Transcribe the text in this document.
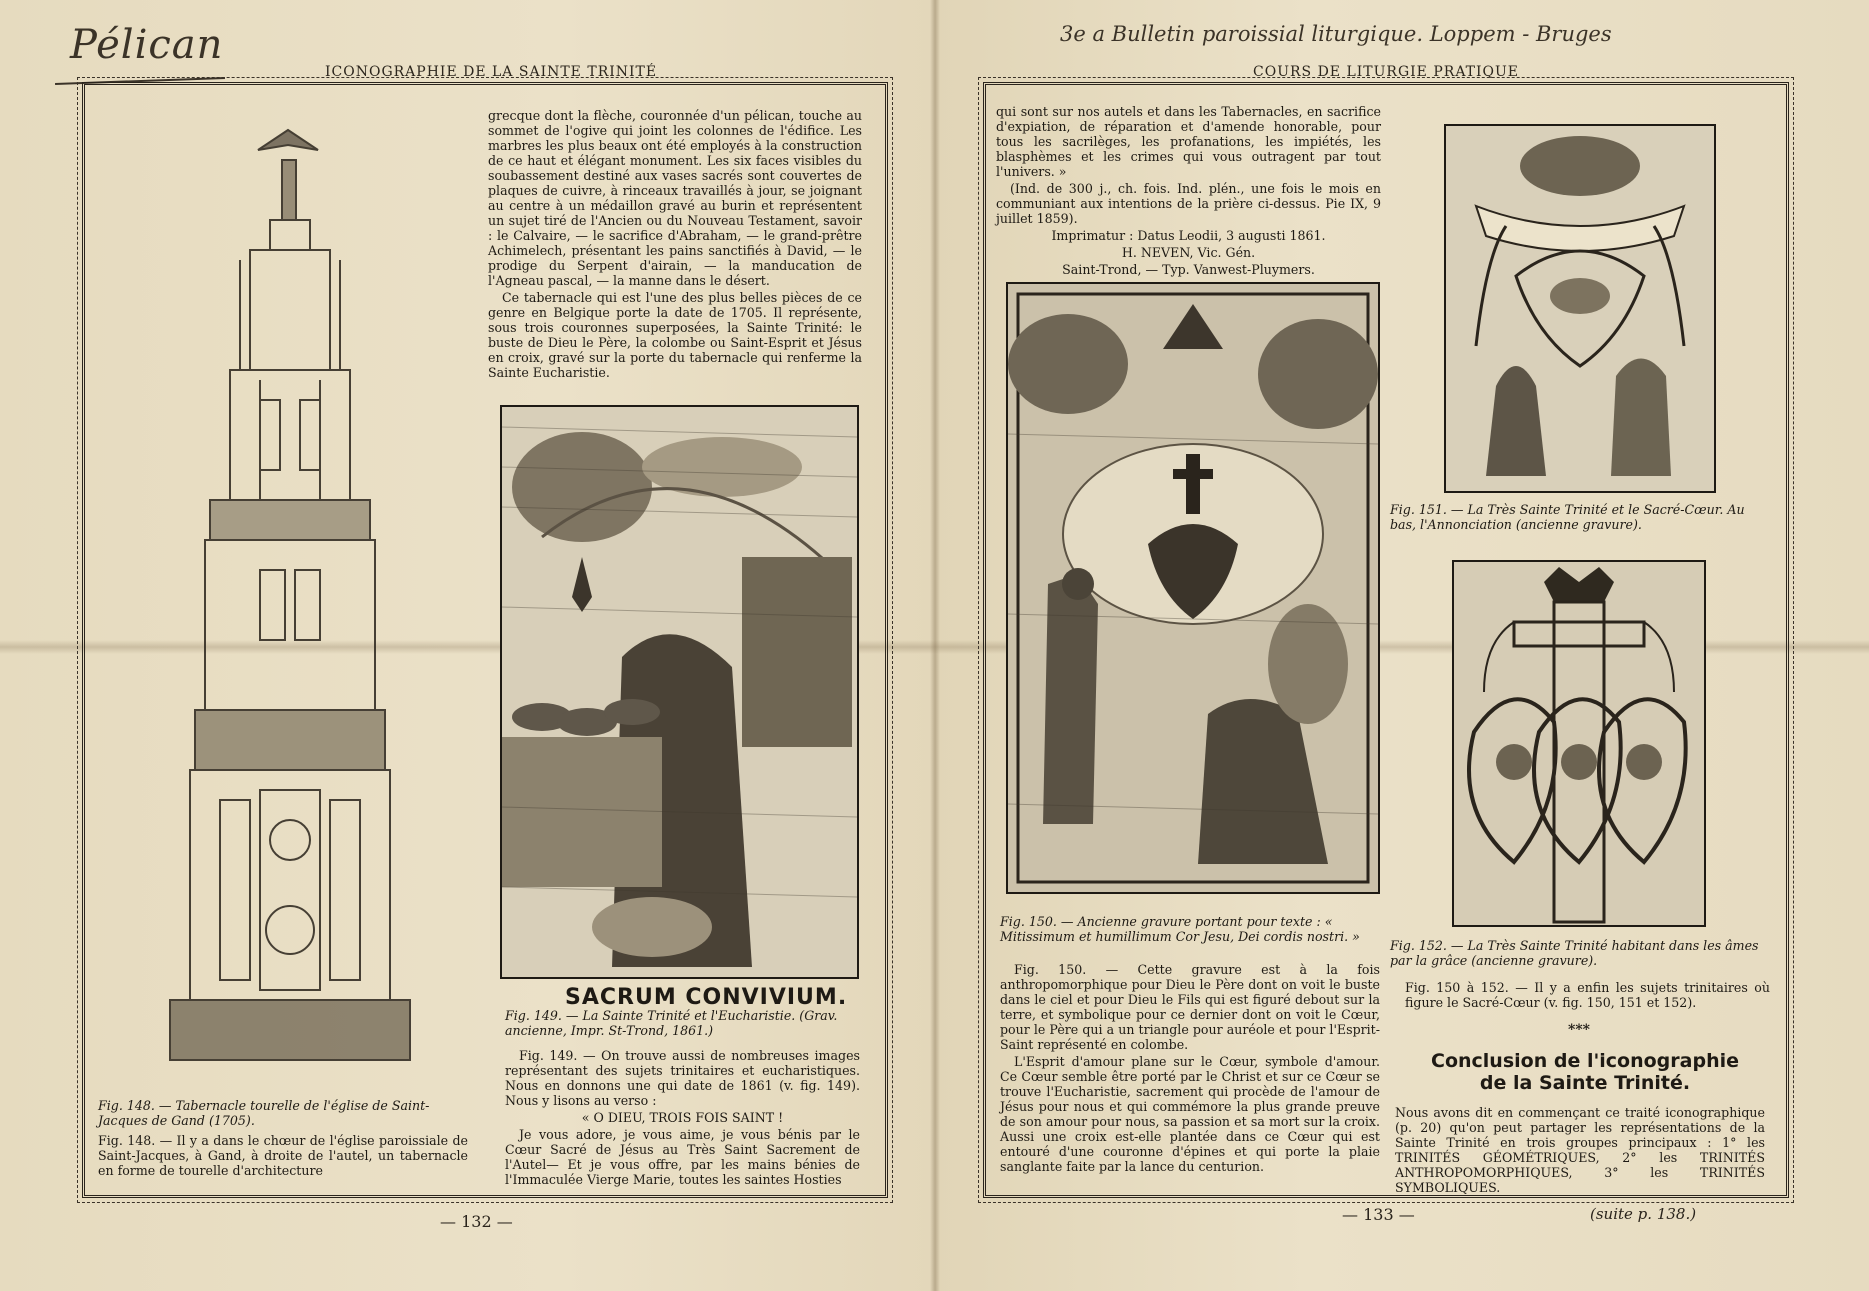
Pélican	3e a Bulletin paroissial liturgique. Loppem - Bruges
ICONOGRAPHIE DE LA SAINTE TRINITÉ	COURS DE LITURGIE PRATIQUE
Fig. 148. — Tabernacle tourelle de l'église de Saint-Jacques de Gand (1705).
Fig. 148. — Il y a dans le chœur de l'église paroissiale de Saint-Jacques, à Gand, à droite de l'autel, un tabernacle en forme de tourelle d'architecture

grecque dont la flèche, couronnée d'un pélican, touche au sommet de l'ogive qui joint les colonnes de l'édifice. Les marbres les plus beaux ont été employés à la construction de ce haut et élégant monument. Les six faces visibles du soubassement destiné aux vases sacrés sont couvertes de plaques de cuivre, à rinceaux travaillés à jour, se joignant au centre à un médaillon gravé au burin et représentent un sujet tiré de l'Ancien ou du Nouveau Testament, savoir : le Calvaire, — le sacrifice d'Abraham, — le grand-prêtre Achimelech, présentant les pains sanctifiés à David, — le prodige du Serpent d'airain, — la manducation de l'Agneau pascal, — la manne dans le désert.

Ce tabernacle qui est l'une des plus belles pièces de ce genre en Belgique porte la date de 1705. Il représente, sous trois couronnes superposées, la Sainte Trinité: le buste de Dieu le Père, la colombe ou Saint-Esprit et Jésus en croix, gravé sur la porte du tabernacle qui renferme la Sainte Eucharistie.

SACRUM CONVIVIUM.
Fig. 149. — La Sainte Trinité et l'Eucharistie. (Grav. ancienne, Impr. St-Trond, 1861.)

Fig. 149. — On trouve aussi de nombreuses images représentant des sujets trinitaires et eucharistiques. Nous en donnons une qui date de 1861 (v. fig. 149). Nous y lisons au verso :

« O DIEU, TROIS FOIS SAINT !

Je vous adore, je vous aime, je vous bénis par le Cœur Sacré de Jésus au Très Saint Sacrement de l'Autel— Et je vous offre, par les mains bénies de l'Immaculée Vierge Marie, toutes les saintes Hosties

— 132 —

qui sont sur nos autels et dans les Tabernacles, en sacrifice d'expiation, de réparation et d'amende honorable, pour tous les sacrilèges, les profanations, les impiétés, les blasphèmes et les crimes qui vous outragent par tout l'univers. »

(Ind. de 300 j., ch. fois. Ind. plén., une fois le mois en communiant aux intentions de la prière ci-dessus. Pie IX, 9 juillet 1859).

Imprimatur : Datus Leodii, 3 augusti 1861.

H. NEVEN, Vic. Gén.

Saint-Trond, — Typ. Vanwest-Pluymers.

Fig. 150. — Ancienne gravure portant pour texte : « Mitissimum et humillimum Cor Jesu, Dei cordis nostri. »

Fig. 150. — Cette gravure est à la fois anthropomorphique pour Dieu le Père dont on voit le buste dans le ciel et pour Dieu le Fils qui est figuré debout sur la terre, et symbolique pour ce dernier dont on voit le Cœur, pour le Père qui a un triangle pour auréole et pour l'Esprit-Saint représenté en colombe.

L'Esprit d'amour plane sur le Cœur, symbole d'amour. Ce Cœur semble être porté par le Christ et sur ce Cœur se trouve l'Eucharistie, sacrement qui procède de l'amour de Jésus pour nous et qui commémore la plus grande preuve de son amour pour nous, sa passion et sa mort sur la croix. Aussi une croix est-elle plantée dans ce Cœur qui est entouré d'une couronne d'épines et qui porte la plaie sanglante faite par la lance du centurion.

Fig. 151. — La Très Sainte Trinité et le Sacré-Cœur. Au bas, l'Annonciation (ancienne gravure).
Fig. 152. — La Très Sainte Trinité habitant dans les âmes par la grâce (ancienne gravure).
Fig. 150 à 152. — Il y a enfin les sujets trinitaires où figure le Sacré-Cœur (v. fig. 150, 151 et 152).
***
Conclusion de l'iconographie
de la Sainte Trinité.
Nous avons dit en commençant ce traité iconographique (p. 20) qu'on peut partager les représentations de la Sainte Trinité en trois groupes principaux : 1° les TRINITÉS GÉOMÉTRIQUES, 2° les TRINITÉS ANTHROPOMORPHIQUES, 3° les TRINITÉS SYMBOLIQUES.
— 133 —	(suite p. 138.)
